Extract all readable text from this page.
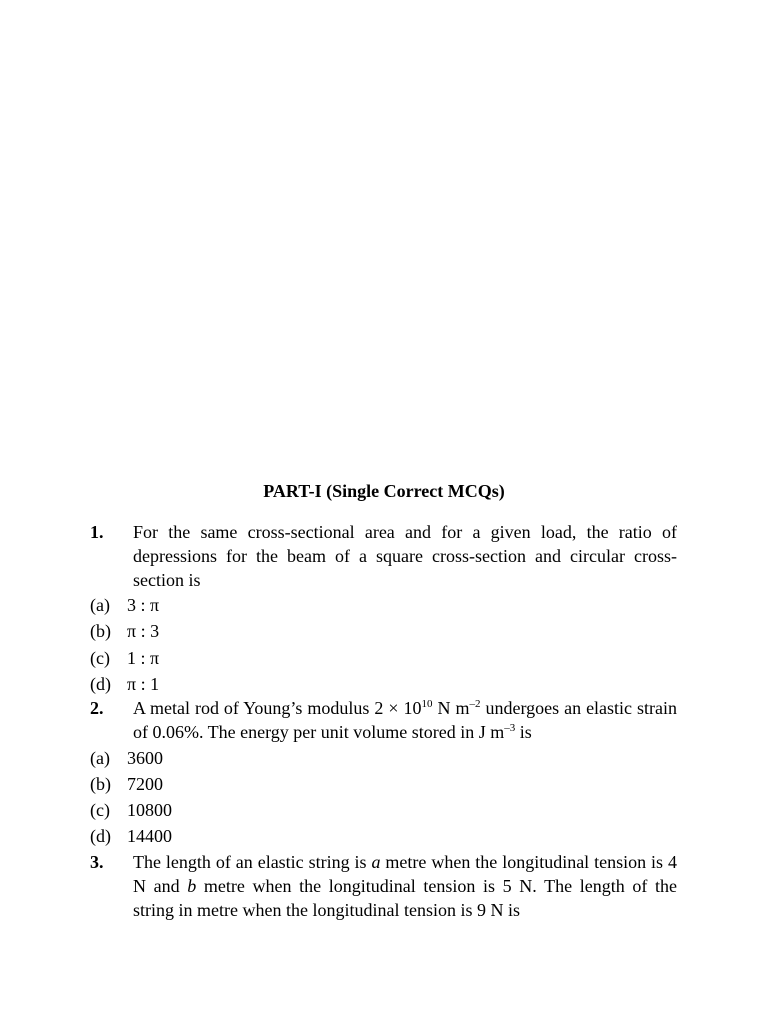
PART-I (Single Correct MCQs)
1. For the same cross-sectional area and for a given load, the ratio of depressions for the beam of a square cross-section and circular cross-section is
(a) 3 : π
(b) π : 3
(c) 1 : π
(d) π : 1
2. A metal rod of Young’s modulus $2 \times 10^{10}$ N $m^{-2}$ undergoes an elastic strain of 0.06%. The energy per unit volume stored in J $m^{-3}$ is
(a) 3600
(b) 7200
(c) 10800
(d) 14400
3. The length of an elastic string is a metre when the longitudinal tension is 4 N and b metre when the longitudinal tension is 5 N. The length of the string in metre when the longitudinal tension is 9 N is
